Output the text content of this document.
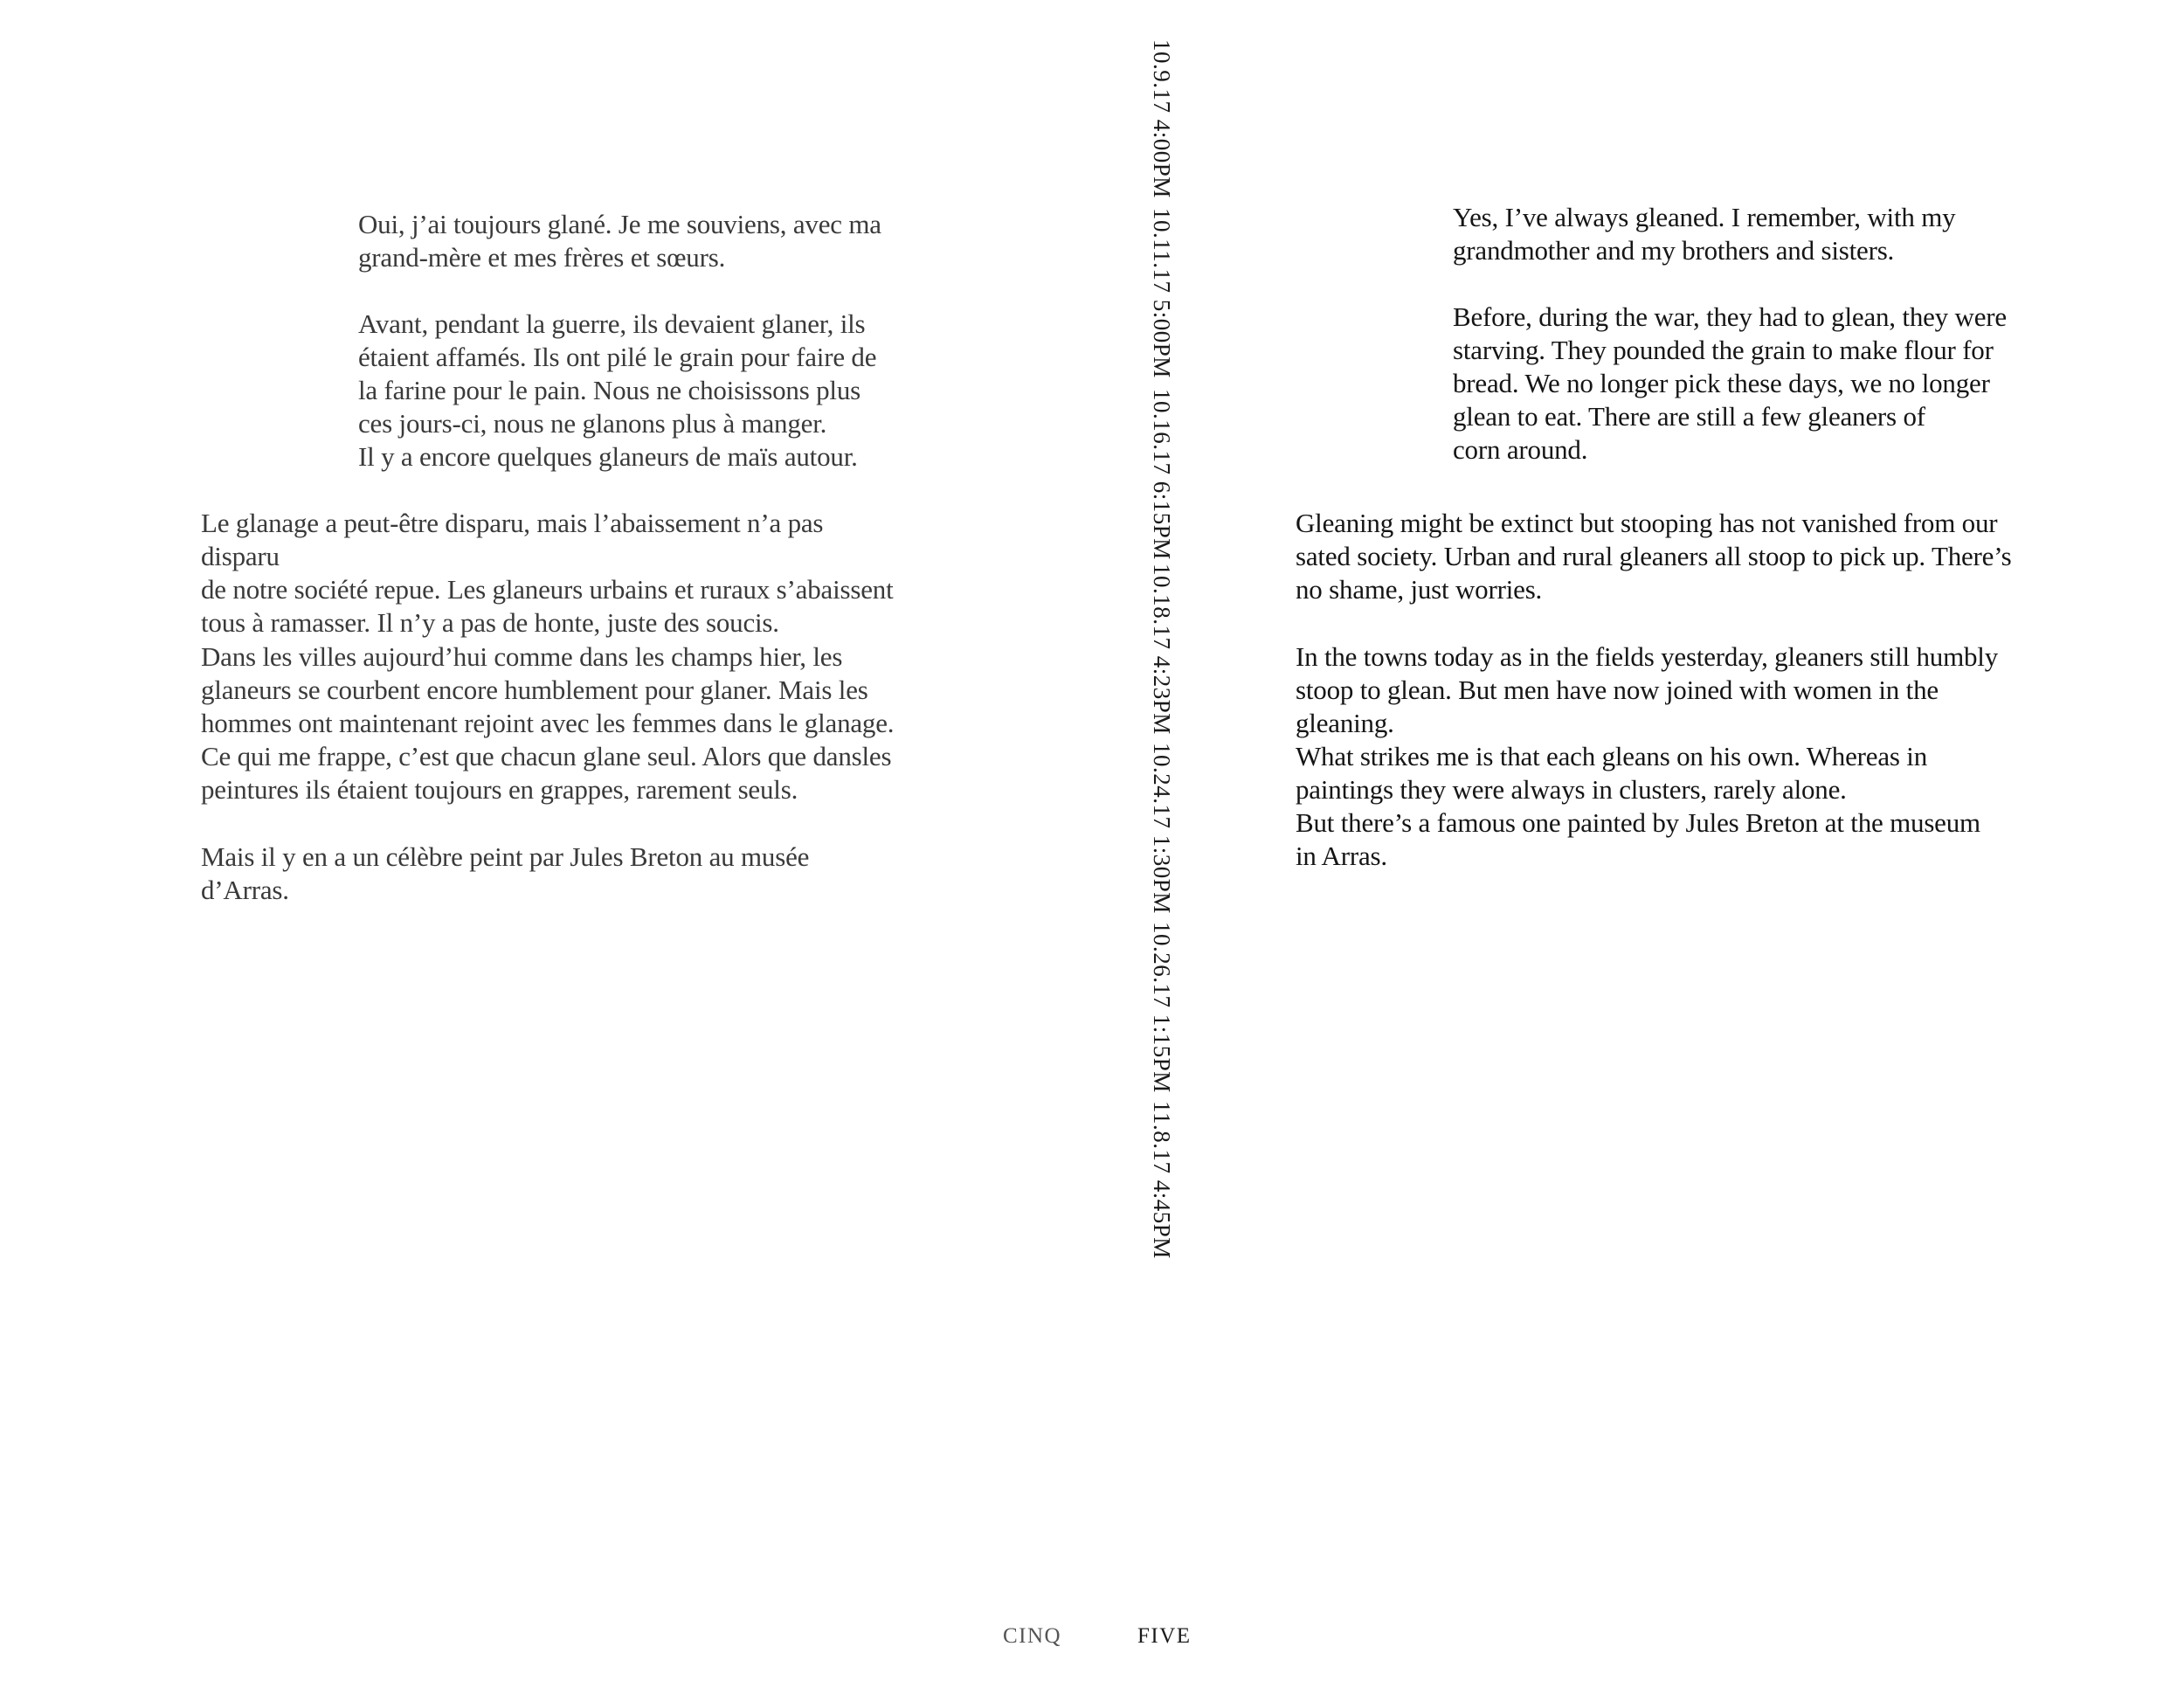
Oui, j’ai toujours glané. Je me souviens, avec ma
grand-mère et mes frères et sœurs.

Avant, pendant la guerre, ils devaient glaner, ils
étaient affamés. Ils ont pilé le grain pour faire de
la farine pour le pain. Nous ne choisissons plus
ces jours-ci, nous ne glanons plus à manger.
Il y a encore quelques glaneurs de maïs autour.

Le glanage a peut-être disparu, mais l’abaissement n’a pas disparu
de notre société repue. Les glaneurs urbains et ruraux s’abaissent
tous à ramasser. Il n’y a pas de honte, juste des soucis.

Dans les villes aujourd’hui comme dans les champs hier, les
glaneurs se courbent encore humblement pour glaner. Mais les
hommes ont maintenant rejoint avec les femmes dans le glanage.
Ce qui me frappe, c’est que chacun glane seul. Alors que dansles
peintures ils étaient toujours en grappes, rarement seuls.

Mais il y en a un célèbre peint par Jules Breton au musée d’Arras.

10.9.17 4:00PM
10.11.17 5:00PM
10.16.17 6:15PM
10.18.17 4:23PM
10.24.17 1:30PM
10.26.17 1:15PM
11.8.17 4:45PM

Yes, I’ve always gleaned. I remember, with my
grandmother and my brothers and sisters.

Before, during the war, they had to glean, they were
starving. They pounded the grain to make flour for
bread. We no longer pick these days, we no longer
glean to eat. There are still a few gleaners of
corn around.

Gleaning might be extinct but stooping has not vanished from our
sated society. Urban and rural gleaners all stoop to pick up. There’s
no shame, just worries.

In the towns today as in the fields yesterday, gleaners still humbly
stoop to glean. But men have now joined with women in the gleaning.
What strikes me is that each gleans on his own. Whereas in
paintings they were always in clusters, rarely alone.

But there’s a famous one painted by Jules Breton at the museum
in Arras.

CINQ	FIVE
